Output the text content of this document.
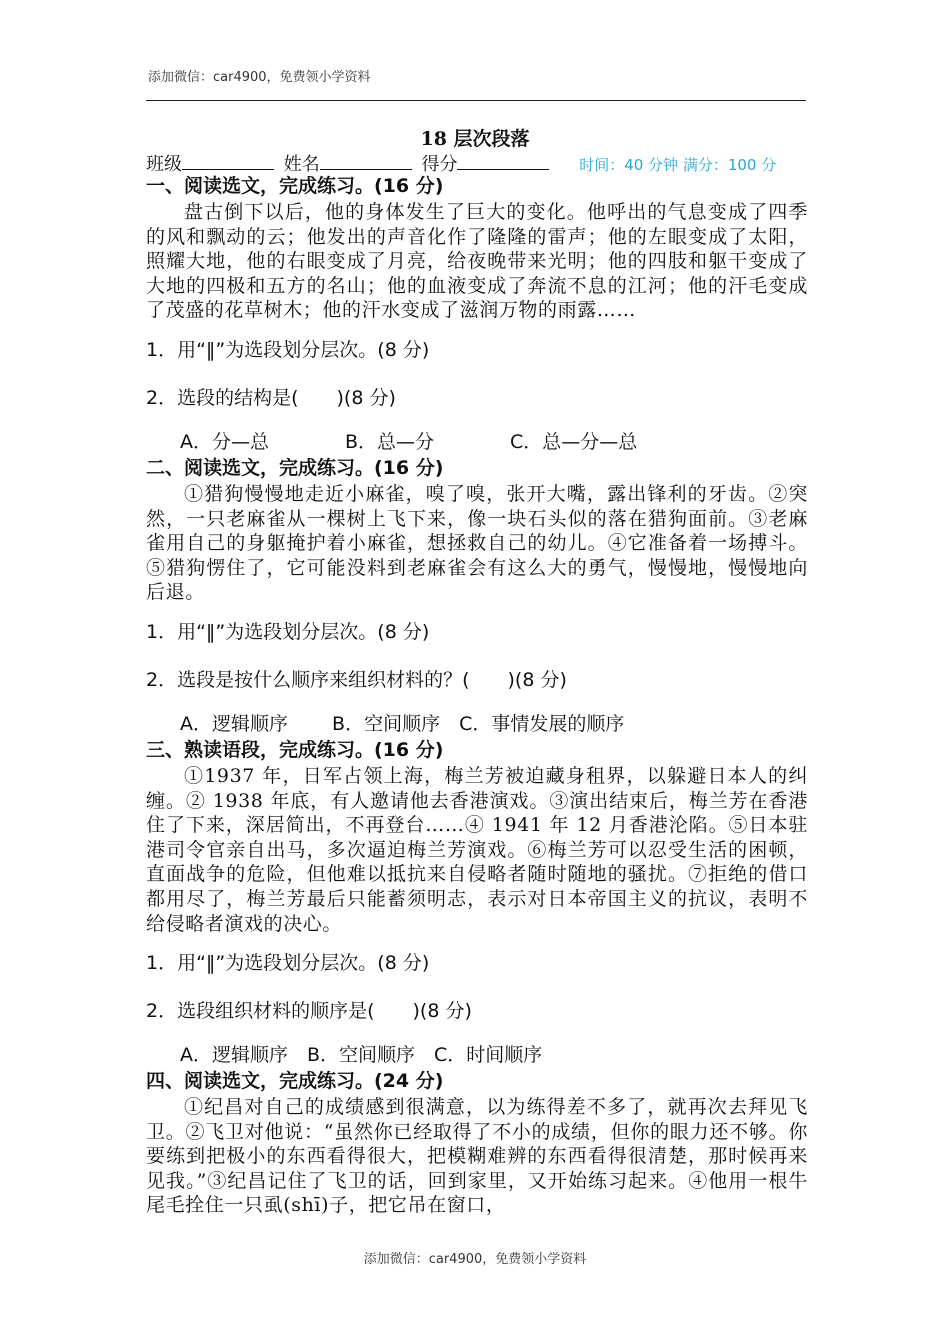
添加微信：car4900，免费领小学资料
18 层次段落
班级	姓名	得分	时间：40 分钟 满分：100 分
一、阅读选文，完成练习。(16 分)

盘古倒下以后，他的身体发生了巨大的变化。他呼出的气息变成了四季的风和飘动的云；他发出的声音化作了隆隆的雷声；他的左眼变成了太阳，照耀大地，他的右眼变成了月亮，给夜晚带来光明；他的四肢和躯干变成了大地的四极和五方的名山；他的血液变成了奔流不息的江河；他的汗毛变成了茂盛的花草树木；他的汗水变成了滋润万物的雨露……

1．用“‖”为选段划分层次。(8 分)
2．选段的结构是(　　)(8 分)
A．分—总　　　　B．总—分　　　　C．总—分—总
二、阅读选文，完成练习。(16 分)

①猎狗慢慢地走近小麻雀，嗅了嗅，张开大嘴，露出锋利的牙齿。②突然，一只老麻雀从一棵树上飞下来，像一块石头似的落在猎狗面前。③老麻雀用自己的身躯掩护着小麻雀，想拯救自己的幼儿。④它准备着一场搏斗。⑤猎狗愣住了，它可能没料到老麻雀会有这么大的勇气，慢慢地，慢慢地向后退。

1．用“‖”为选段划分层次。(8 分)
2．选段是按什么顺序来组织材料的？(　　)(8 分)
A．逻辑顺序　　 B．空间顺序　C．事情发展的顺序
三、熟读语段，完成练习。(16 分)

①1937 年，日军占领上海，梅兰芳被迫藏身租界，以躲避日本人的纠缠。② 1938 年底，有人邀请他去香港演戏。③演出结束后，梅兰芳在香港住了下来，深居简出，不再登台……④ 1941 年 12 月香港沦陷。⑤日本驻港司令官亲自出马，多次逼迫梅兰芳演戏。⑥梅兰芳可以忍受生活的困顿，直面战争的危险，但他难以抵抗来自侵略者随时随地的骚扰。⑦拒绝的借口都用尽了，梅兰芳最后只能蓄须明志，表示对日本帝国主义的抗议，表明不给侵略者演戏的决心。

1．用“‖”为选段划分层次。(8 分)
2．选段组织材料的顺序是(　　)(8 分)
A．逻辑顺序　B．空间顺序　C．时间顺序
四、阅读选文，完成练习。(24 分)

①纪昌对自己的成绩感到很满意，以为练得差不多了，就再次去拜见飞卫。②飞卫对他说：“虽然你已经取得了不小的成绩，但你的眼力还不够。你要练到把极小的东西看得很大，把模糊难辨的东西看得很清楚，那时候再来见我。”③纪昌记住了飞卫的话，回到家里，又开始练习起来。④他用一根牛尾毛拴住一只虱(shī)子，把它吊在窗口，

添加微信：car4900，免费领小学资料
